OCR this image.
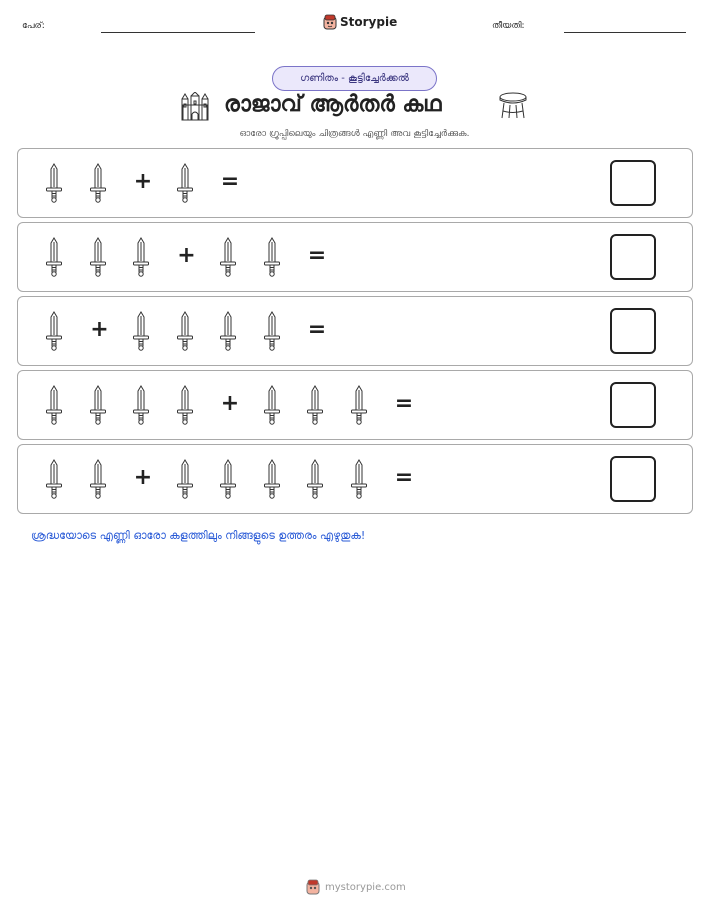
പേര്:	Storypie	തീയതി:
ഗണിതം - കൂട്ടിച്ചേർക്കൽ
രാജാവ് ആർതർ കഥ
ഓരോ ഗ്രൂപ്പിലെയും ചിത്രങ്ങൾ എണ്ണി അവ കൂട്ടിച്ചേർക്കുക.
+	=
+	=
+	=
+	=
+	=
ശ്രദ്ധയോടെ എണ്ണി ഓരോ കളത്തിലും നിങ്ങളുടെ ഉത്തരം എഴുതുക!
mystorypie.com
